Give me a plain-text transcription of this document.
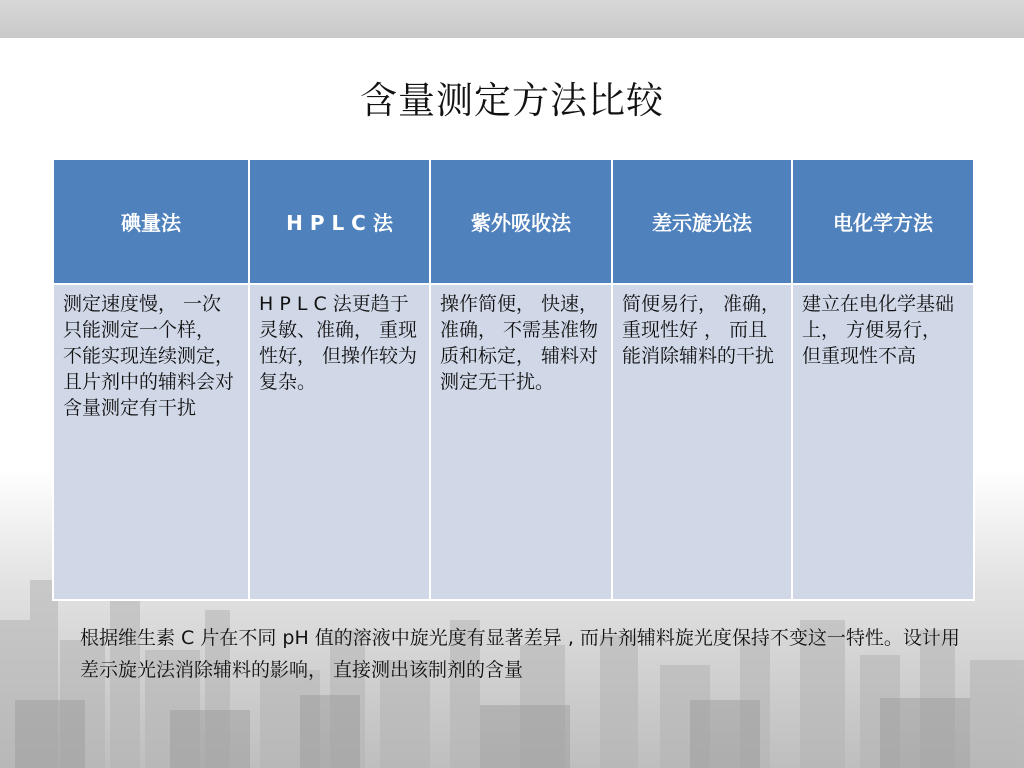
含量测定方法比较
碘量法	H P L C 法	紫外吸收法	差示旋光法	电化学方法
测定速度慢， 一次只能测定一个样， 不能实现连续测定， 且片剂中的辅料会对含量测定有干扰	H P L C 法更趋于灵敏、准确， 重现性好， 但操作较为复杂。	操作简便， 快速， 准确， 不需基准物质和标定， 辅料对测定无干扰。	简便易行， 准确， 重现性好 ， 而且能消除辅料的干扰	建立在电化学基础上， 方便易行， 但重现性不高
根据维生素 C 片在不同 pH 值的溶液中旋光度有显著差异 , 而片剂辅料旋光度保持不变这一特性。设计用差示旋光法消除辅料的影响， 直接测出该制剂的含量
